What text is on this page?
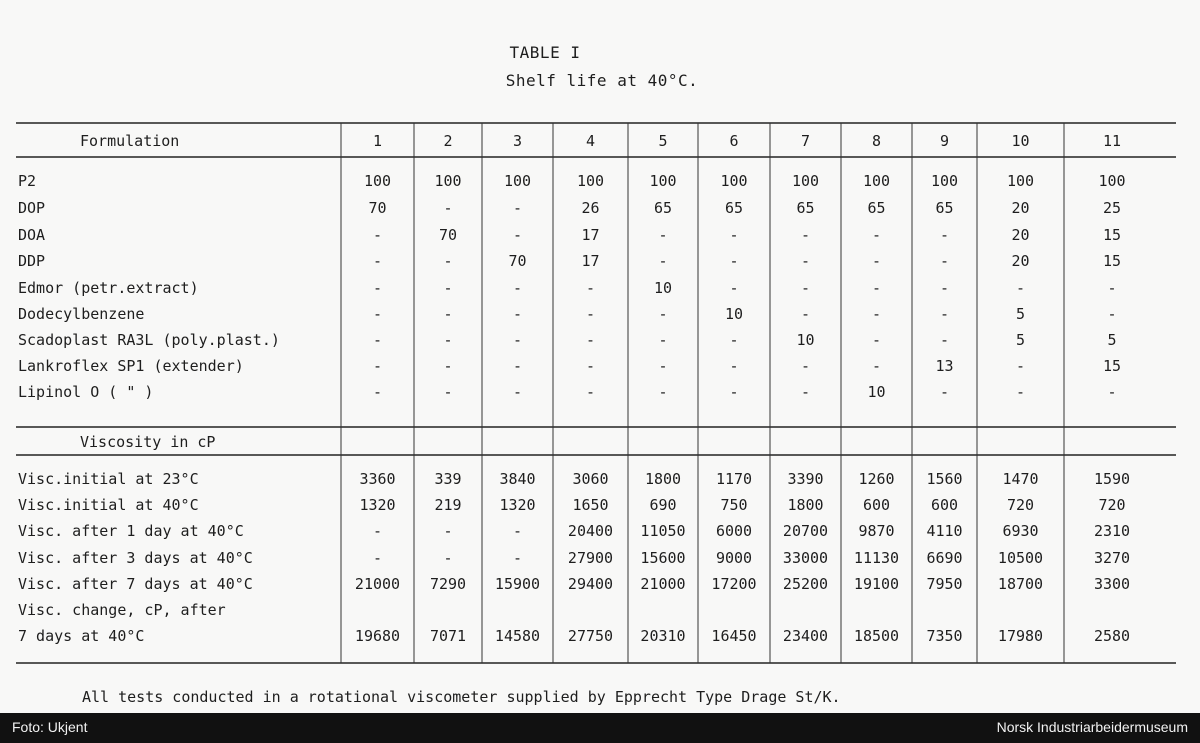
TABLE I
Shelf life at 40°C.
Formulation	1	2	3	4	5	6	7	8	9	10	11
P2	100	100	100	100	100	100	100	100	100	100	100
DOP	70	-	-	26	65	65	65	65	65	20	25
DOA	-	70	-	17	-	-	-	-	-	20	15
DDP	-	-	70	17	-	-	-	-	-	20	15
Edmor (petr.extract)	-	-	-	-	10	-	-	-	-	-	-
Dodecylbenzene	-	-	-	-	-	10	-	-	-	5	-
Scadoplast RA3L (poly.plast.)	-	-	-	-	-	-	10	-	-	5	5
Lankroflex SP1 (extender)	-	-	-	-	-	-	-	-	13	-	15
Lipinol O ( " )	-	-	-	-	-	-	-	10	-	-	-
Viscosity in cP
Visc.initial at 23°C	3360	339	3840	3060	1800	1170	3390	1260	1560	1470	1590
Visc.initial at 40°C	1320	219	1320	1650	690	750	1800	600	600	720	720
Visc. after 1 day at 40°C	-	-	-	20400	11050	6000	20700	9870	4110	6930	2310
Visc. after 3 days at 40°C	-	-	-	27900	15600	9000	33000	11130	6690	10500	3270
Visc. after 7 days at 40°C	21000	7290	15900	29400	21000	17200	25200	19100	7950	18700	3300
Visc. change, cP, after
7 days at 40°C	19680	7071	14580	27750	20310	16450	23400	18500	7350	17980	2580
All tests conducted in a rotational viscometer supplied by Epprecht Type Drage St/K.
Foto: Ukjent	Norsk Industriarbeidermuseum
